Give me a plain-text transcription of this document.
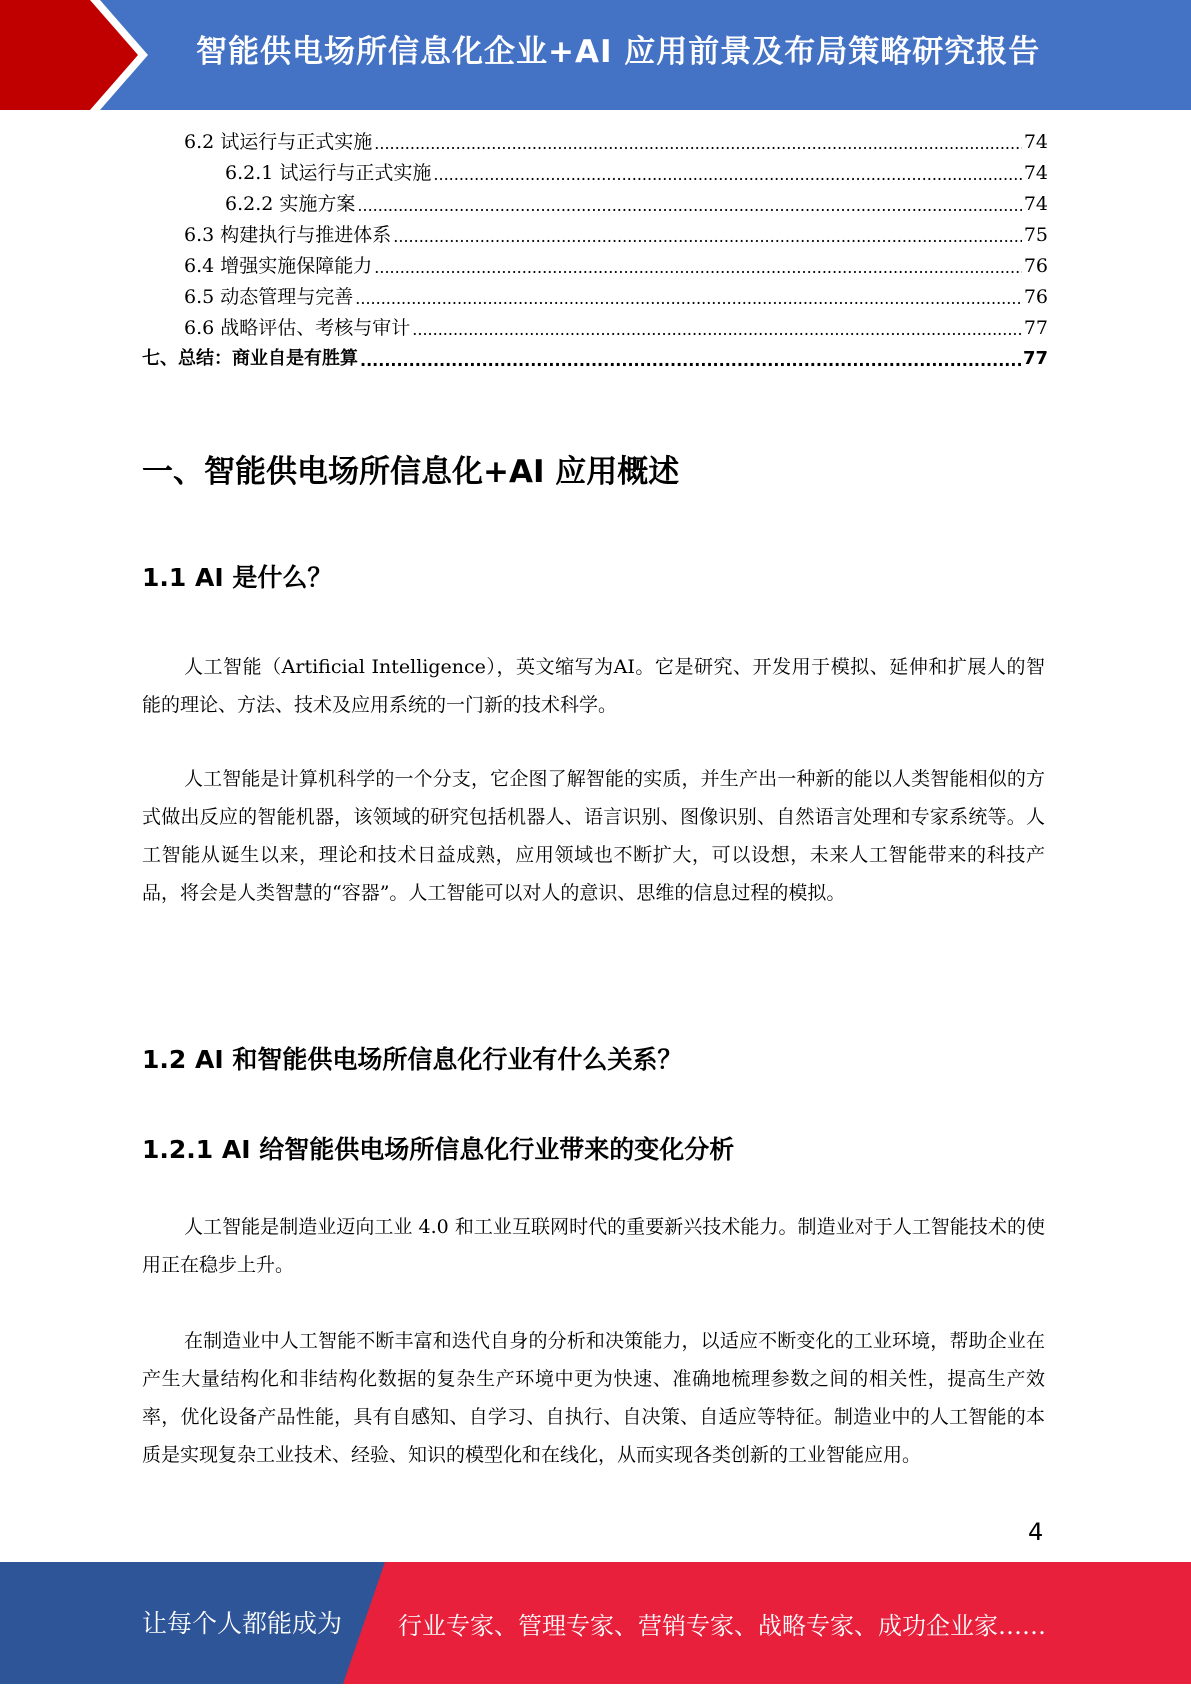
智能供电场所信息化企业+AI 应用前景及布局策略研究报告
6.2 试运行与正式实施 .....	74
6.2.1 试运行与正式实施 .....	74
6.2.2 实施方案 .....	74
6.3 构建执行与推进体系 .....	75
6.4 增强实施保障能力 .....	76
6.5 动态管理与完善 .....	76
6.6 战略评估、考核与审计 .....	77
七、总结：商业自是有胜算 .....	77
一、智能供电场所信息化+AI 应用概述
1.1 AI 是什么？
人工智能（Artificial Intelligence），英文缩写为AI。它是研究、开发用于模拟、延伸和扩展人的智能的理论、方法、技术及应用系统的一门新的技术科学。
人工智能是计算机科学的一个分支，它企图了解智能的实质，并生产出一种新的能以人类智能相似的方式做出反应的智能机器，该领域的研究包括机器人、语言识别、图像识别、自然语言处理和专家系统等。人工智能从诞生以来，理论和技术日益成熟，应用领域也不断扩大，可以设想，未来人工智能带来的科技产品，将会是人类智慧的“容器”。人工智能可以对人的意识、思维的信息过程的模拟。
1.2 AI 和智能供电场所信息化行业有什么关系？
1.2.1 AI 给智能供电场所信息化行业带来的变化分析
人工智能是制造业迈向工业 4.0 和工业互联网时代的重要新兴技术能力。制造业对于人工智能技术的使用正在稳步上升。
在制造业中人工智能不断丰富和迭代自身的分析和决策能力，以适应不断变化的工业环境，帮助企业在产生大量结构化和非结构化数据的复杂生产环境中更为快速、准确地梳理参数之间的相关性，提高生产效率，优化设备产品性能，具有自感知、自学习、自执行、自决策、自适应等特征。制造业中的人工智能的本质是实现复杂工业技术、经验、知识的模型化和在线化，从而实现各类创新的工业智能应用。
4
让每个人都能成为 行业专家、管理专家、营销专家、战略专家、成功企业家……
